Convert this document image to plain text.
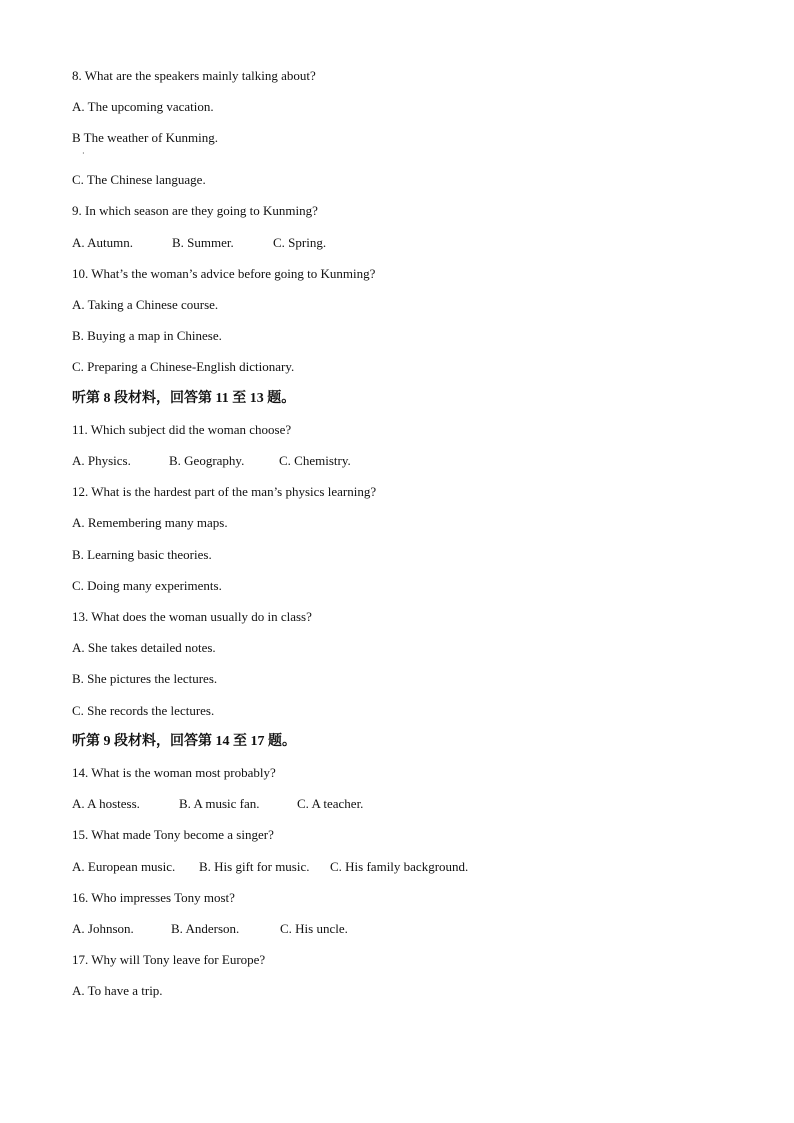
8. What are the speakers mainly talking about?
A. The upcoming vacation.
B The weather of Kunming.
·
C. The Chinese language.
9. In which season are they going to Kunming?
A. Autumn.	B. Summer.	C. Spring.
10. What’s the woman’s advice before going to Kunming?
A. Taking a Chinese course.
B. Buying a map in Chinese.
C. Preparing a Chinese-English dictionary.
听第 8 段材料，回答第 11 至 13 题。
11. Which subject did the woman choose?
A. Physics.	B. Geography.	C. Chemistry.
12. What is the hardest part of the man’s physics learning?
A. Remembering many maps.
B. Learning basic theories.
C. Doing many experiments.
13. What does the woman usually do in class?
A. She takes detailed notes.
B. She pictures the lectures.
C. She records the lectures.
听第 9 段材料，回答第 14 至 17 题。
14. What is the woman most probably?
A. A hostess.	B. A music fan.	C. A teacher.
15. What made Tony become a singer?
A. European music. B. His gift for music. C. His family background.
16. Who impresses Tony most?
A. Johnson.	B. Anderson.	C. His uncle.
17. Why will Tony leave for Europe?
A. To have a trip.
